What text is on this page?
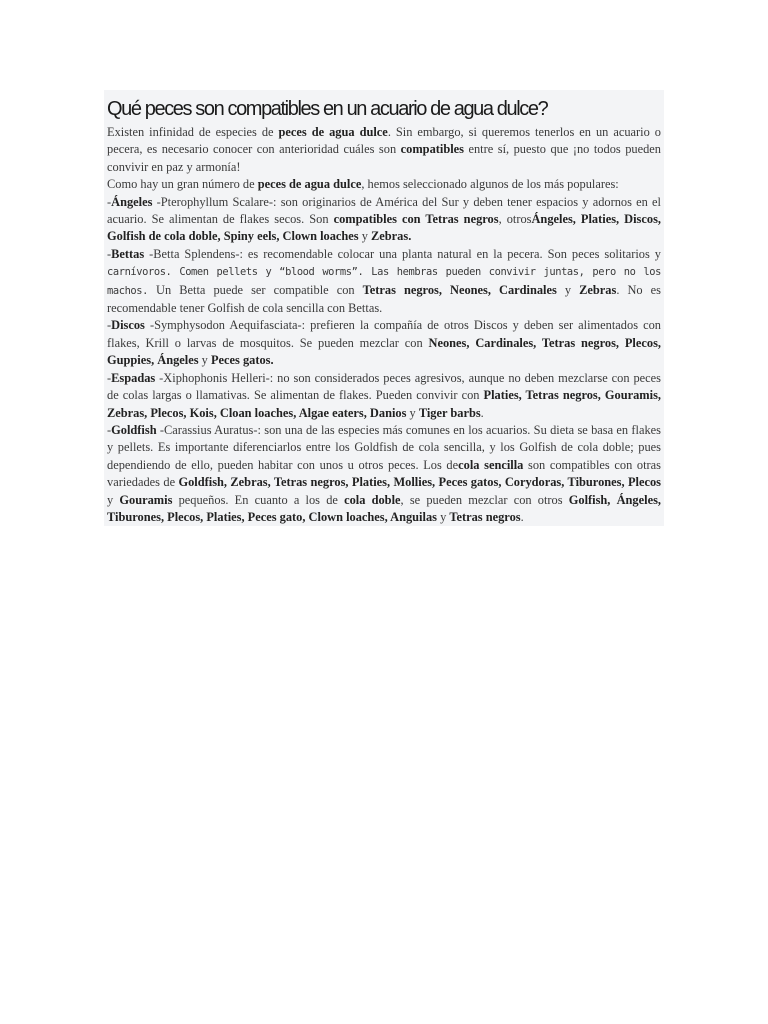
Qué peces son compatibles en un acuario de agua dulce?

Existen infinidad de especies de peces de agua dulce. Sin embargo, si queremos tenerlos en un acuario o pecera, es necesario conocer con anterioridad cuáles son compatibles entre sí, puesto que ¡no todos pueden convivir en paz y armonía!

Como hay un gran número de peces de agua dulce, hemos seleccionado algunos de los más populares:

-Ángeles -Pterophyllum Scalare-: son originarios de América del Sur y deben tener espacios y adornos en el acuario. Se alimentan de flakes secos. Son compatibles con Tetras negros, otrosÁngeles, Platies, Discos, Golfish de cola doble, Spiny eels, Clown loaches y Zebras.

-Bettas -Betta Splendens-: es recomendable colocar una planta natural en la pecera. Son peces solitarios y carnívoros. Comen pellets y “blood worms”. Las hembras pueden convivir juntas, pero no los machos. Un Betta puede ser compatible con Tetras negros, Neones, Cardinales y Zebras. No es recomendable tener Golfish de cola sencilla con Bettas.

-Discos -Symphysodon Aequifasciata-: prefieren la compañía de otros Discos y deben ser alimentados con flakes, Krill o larvas de mosquitos. Se pueden mezclar con Neones, Cardinales, Tetras negros, Plecos, Guppies, Ángeles y Peces gatos.

-Espadas -Xiphophonis Helleri-: no son considerados peces agresivos, aunque no deben mezclarse con peces de colas largas o llamativas. Se alimentan de flakes. Pueden convivir con Platies, Tetras negros, Gouramis, Zebras, Plecos, Kois, Cloan loaches, Algae eaters, Danios y Tiger barbs.

-Goldfish -Carassius Auratus-: son una de las especies más comunes en los acuarios. Su dieta se basa en flakes y pellets. Es importante diferenciarlos entre los Goldfish de cola sencilla, y los Golfish de cola doble; pues dependiendo de ello, pueden habitar con unos u otros peces. Los decola sencilla son compatibles con otras variedades de Goldfish, Zebras, Tetras negros, Platies, Mollies, Peces gatos, Corydoras, Tiburones, Plecos y Gouramis pequeños. En cuanto a los de cola doble, se pueden mezclar con otros Golfish, Ángeles, Tiburones, Plecos, Platies, Peces gato, Clown loaches, Anguilas y Tetras negros.
